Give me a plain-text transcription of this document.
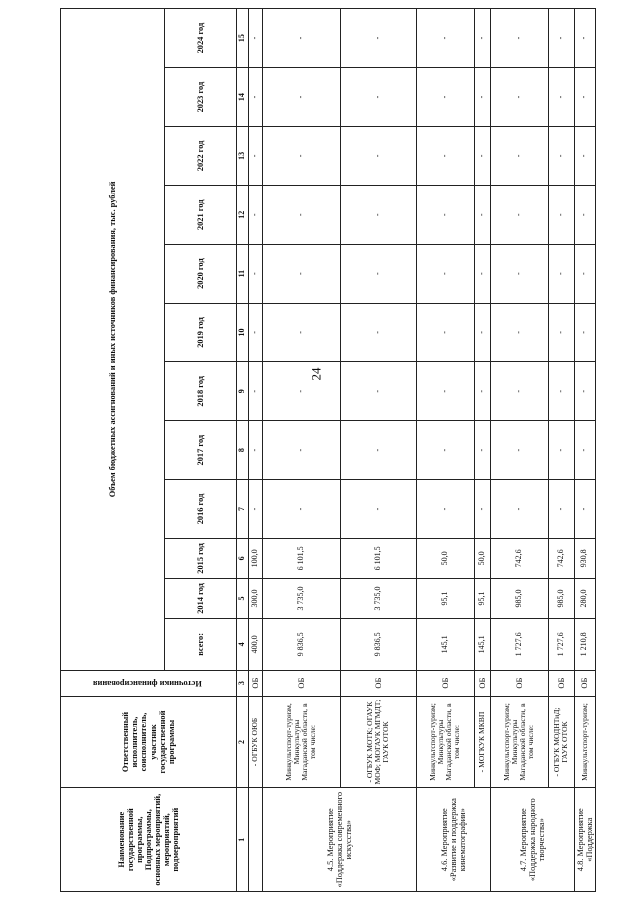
24
Наименование государственной программы, Подпрограммы, основных мероприятий, мероприятий, подмероприятий	Ответственный исполнитель, соисполнитель, участник государственной программы	Источники финансирования	Объем бюджетных ассигнований и иных источников финансирования, тыс. рублей											
			всего:	2014 год	2015 год	2016 год	2017 год	2018 год	2019 год	2020 год	2021 год	2022 год	2023 год	2024 год
1	2	3	4	5	6	7	8	9	10	11	12	13	14	15
	- ОГБУК ОЮБ	ОБ	400,0	300,0	100,0	-	-	-	-	-	-	-	-	-
4.5. Мероприятие «Поддержка современного искусства»	Минкультспорт-туризм, Минкультуры Магаданской области, в том числе:	ОБ	9 836,5	3 735,0	6 101,5	-	-	-	-	-	-	-	-	-
	- ОГБУК МОТК; ОГАУК МОФ; МОГАУК МГМДТ; ГАУК ОТОК	ОБ	9 836,5	3 735,0	6 101,5	-	-	-	-	-	-	-	-	-
4.6. Мероприятие «Развитие и поддержка кинематографии»	Минкультспорт-туризм; Минкультуры Магаданской области, в том числе:	ОБ	145,1	95,1	50,0	-	-	-	-	-	-	-	-	-
	- МОГКУК МКВП	ОБ	145,1	95,1	50,0	-	-	-	-	-	-	-	-	-
4.7. Мероприятие «Поддержка народного творчества»	Минкультспорт-туризм; Минкультуры Магаданской области, в том числе:	ОБ	1 727,6	985,0	742,6	-	-	-	-	-	-	-	-	-
	- ОГБУК МОДНТиД; ГАУК ОТОК	ОБ	1 727,6	985,0	742,6	-	-	-	-	-	-	-	-	-
4.8. Мероприятие «Поддержка	Минкультспорт-туризм;	ОБ	1 210,8	280,0	930,8	-	-	-	-	-	-	-	-	-
